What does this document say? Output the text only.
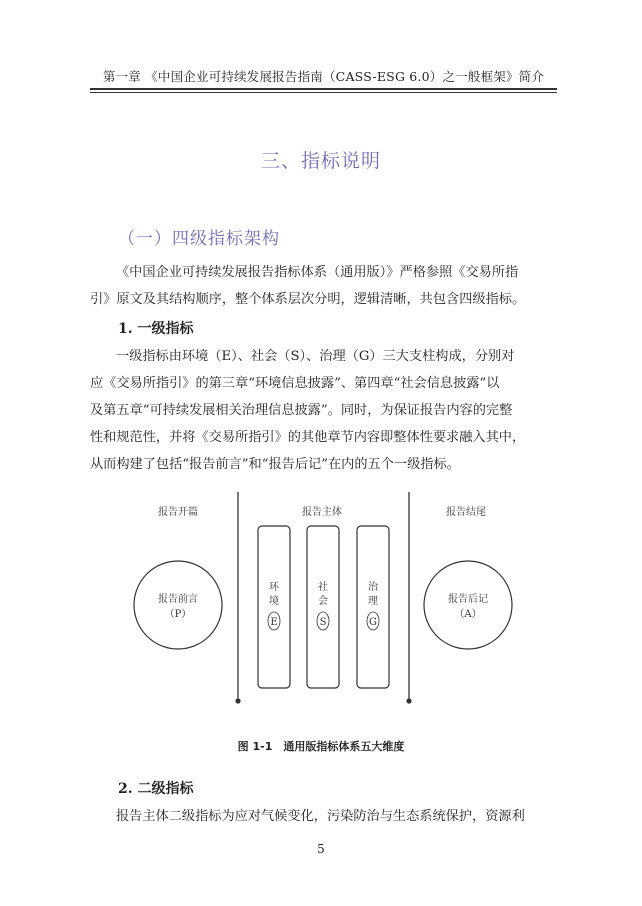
第一章 《中国企业可持续发展报告指南（CASS-ESG 6.0）之一般框架》简介
三、指标说明
（一）四级指标架构
《中国企业可持续发展报告指标体系（通用版）》严格参照《交易所指
引》原文及其结构顺序，整个体系层次分明，逻辑清晰，共包含四级指标。
1. 一级指标
一级指标由环境（E）、社会（S）、治理（G）三大支柱构成，分别对
应《交易所指引》的第三章“环境信息披露”、第四章“社会信息披露”以
及第五章“可持续发展相关治理信息披露”。同时，为保证报告内容的完整
性和规范性，并将《交易所指引》的其他章节内容即整体性要求融入其中，
从而构建了包括“报告前言”和“报告后记”在内的五个一级指标。
报告开篇	报告主体	报告结尾
报告前言
（P）
报告后记
（A）
环
境
E
社
会
S
治
理
G
图 1-1　通用版指标体系五大维度
2. 二级指标
报告主体二级指标为应对气候变化，污染防治与生态系统保护，资源利
5
